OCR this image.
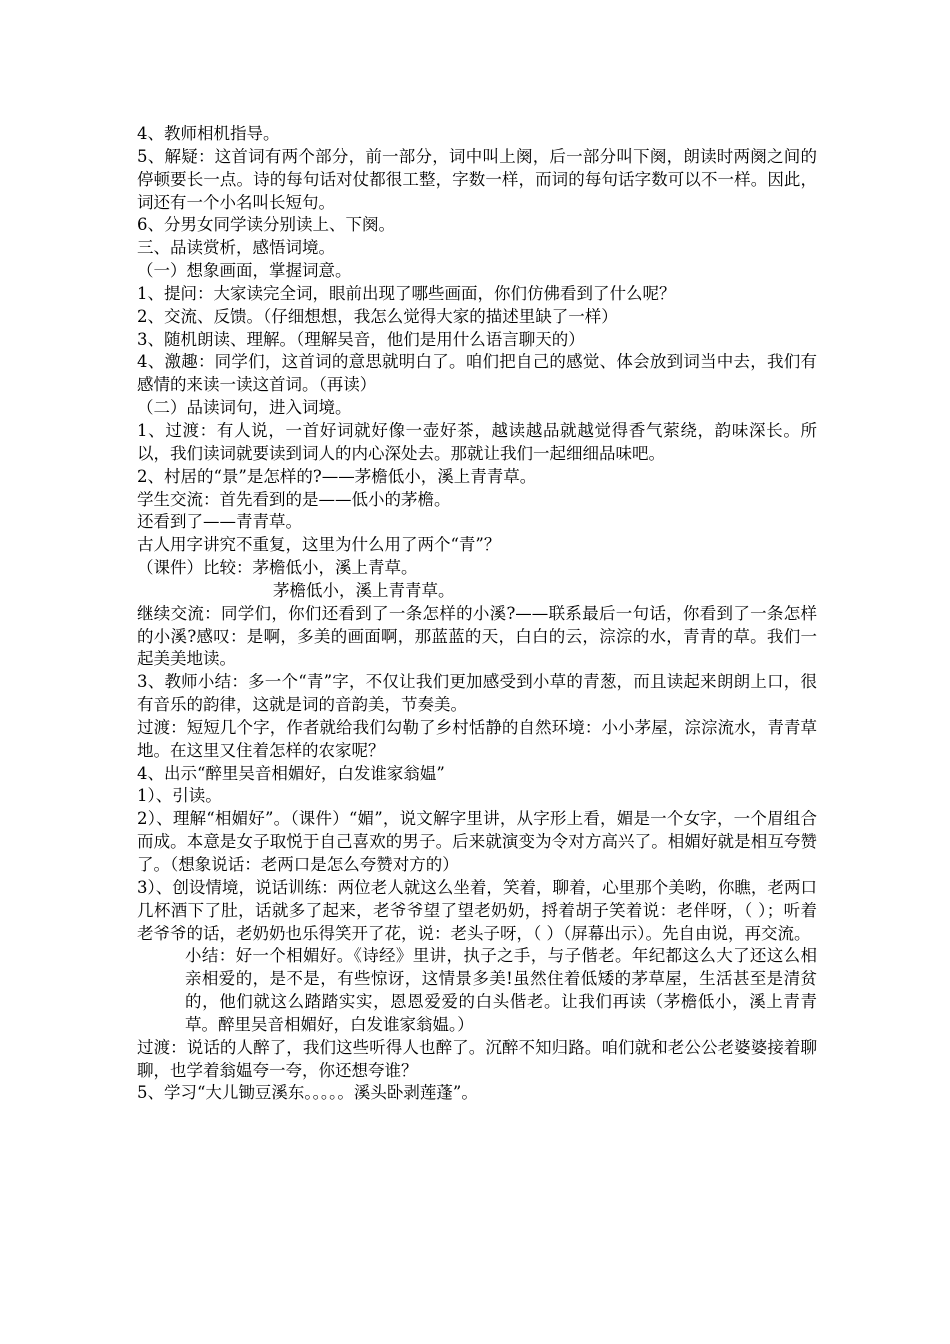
4、教师相机指导。

5、解疑：这首词有两个部分，前一部分，词中叫上阕，后一部分叫下阕，朗读时两阕之间的停顿要长一点。诗的每句话对仗都很工整，字数一样，而词的每句话字数可以不一样。因此，词还有一个小名叫长短句。

6、分男女同学读分别读上、下阕。

三、品读赏析，感悟词境。

（一）想象画面，掌握词意。

1、提问：大家读完全词，眼前出现了哪些画面，你们仿佛看到了什么呢？

2、交流、反馈。（仔细想想，我怎么觉得大家的描述里缺了一样）

3、随机朗读、理解。（理解吴音，他们是用什么语言聊天的）

4、激趣：同学们，这首词的意思就明白了。咱们把自己的感觉、体会放到词当中去，我们有感情的来读一读这首词。（再读）

（二）品读词句，进入词境。

1、过渡：有人说，一首好词就好像一壶好茶，越读越品就越觉得香气萦绕，韵味深长。所以，我们读词就要读到词人的内心深处去。那就让我们一起细细品味吧。

2、村居的“景”是怎样的?——茅檐低小，溪上青青草。

学生交流：首先看到的是——低小的茅檐。

还看到了——青青草。

古人用字讲究不重复，这里为什么用了两个“青”？

（课件）比较：茅檐低小，溪上青草。

茅檐低小，溪上青青草。

继续交流：同学们，你们还看到了一条怎样的小溪?——联系最后一句话，你看到了一条怎样的小溪?感叹：是啊，多美的画面啊，那蓝蓝的天，白白的云，淙淙的水，青青的草。我们一起美美地读。

3、教师小结：多一个“青”字，不仅让我们更加感受到小草的青葱，而且读起来朗朗上口，很有音乐的韵律，这就是词的音韵美，节奏美。

过渡：短短几个字，作者就给我们勾勒了乡村恬静的自然环境：小小茅屋，淙淙流水，青青草地。在这里又住着怎样的农家呢？

4、出示“醉里吴音相媚好，白发谁家翁媪”

1）、引读。

2）、理解“相媚好”。（课件）“媚”，说文解字里讲，从字形上看，媚是一个女字，一个眉组合而成。本意是女子取悦于自己喜欢的男子。后来就演变为令对方高兴了。相媚好就是相互夸赞了。（想象说话：老两口是怎么夸赞对方的）

3）、创设情境，说话训练：两位老人就这么坐着，笑着，聊着，心里那个美哟，你瞧，老两口几杯酒下了肚，话就多了起来，老爷爷望了望老奶奶，捋着胡子笑着说：老伴呀，（ ）；听着老爷爷的话，老奶奶也乐得笑开了花，说：老头子呀，（ ）（屏幕出示）。先自由说，再交流。

小结：好一个相媚好。《诗经》里讲，执子之手，与子偕老。年纪都这么大了还这么相亲相爱的，是不是，有些惊讶，这情景多美!虽然住着低矮的茅草屋，生活甚至是清贫的，他们就这么踏踏实实，恩恩爱爱的白头偕老。让我们再读（茅檐低小，溪上青青草。醉里吴音相媚好，白发谁家翁媪。）

过渡：说话的人醉了，我们这些听得人也醉了。沉醉不知归路。咱们就和老公公老婆婆接着聊聊，也学着翁媪夸一夸，你还想夸谁？

5、学习“大儿锄豆溪东。。。。。溪头卧剥莲蓬”。
